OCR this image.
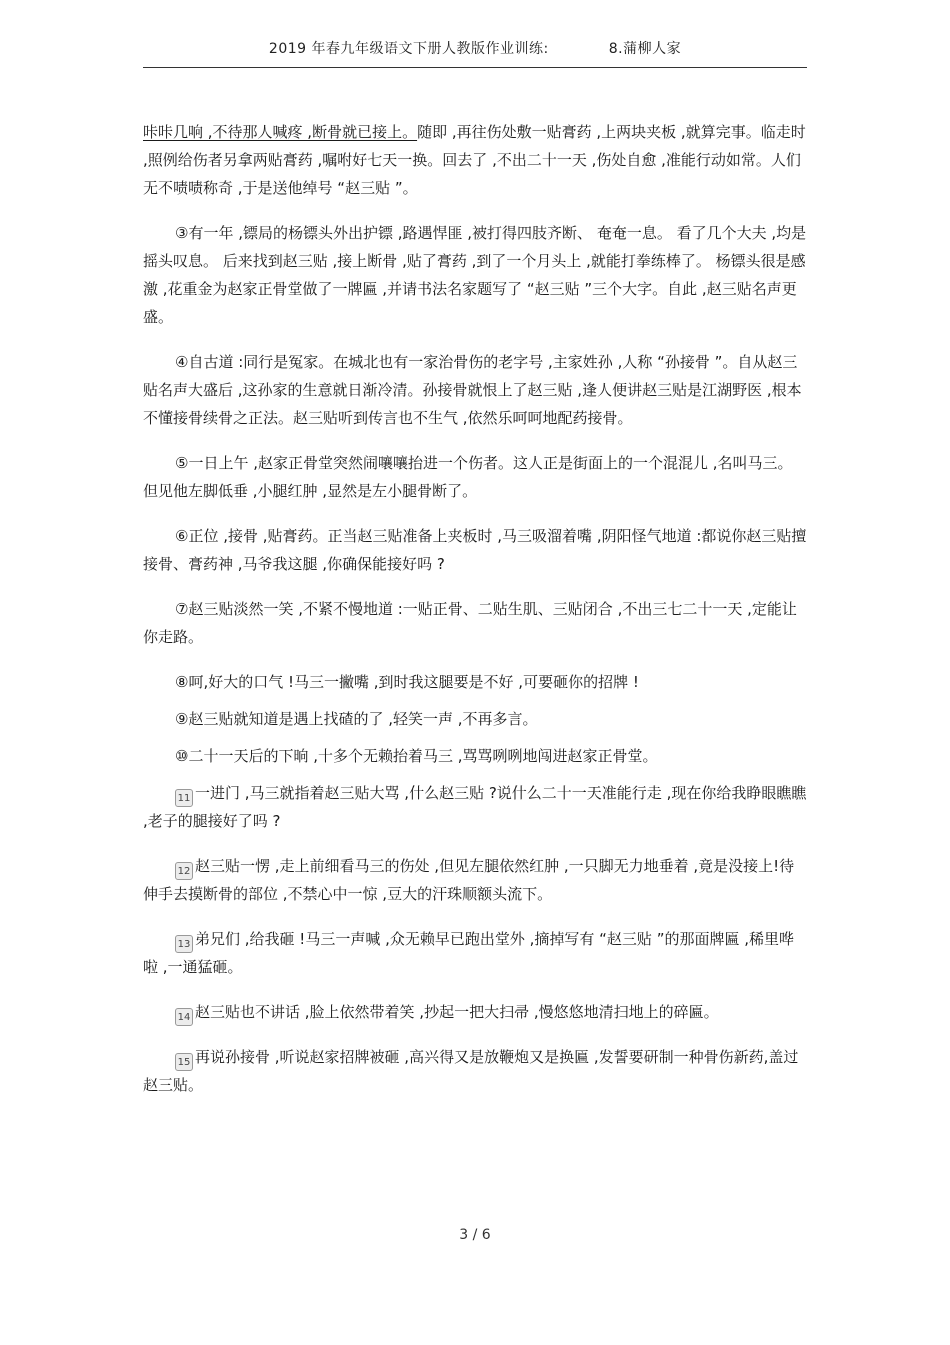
2019 年春九年级语文下册人教版作业训练:	8.蒲柳人家

咔咔几响 ,不待那人喊疼 ,断骨就已接上。随即 ,再往伤处敷一贴膏药 ,上两块夹板 ,就算完事。临走时 ,照例给伤者另拿两贴膏药 ,嘱咐好七天一换。回去了 ,不出二十一天 ,伤处自愈 ,准能行动如常。人们无不啧啧称奇 ,于是送他绰号 “赵三贴 ”。

③有一年 ,镖局的杨镖头外出护镖 ,路遇悍匪 ,被打得四肢齐断、 奄奄一息。 看了几个大夫 ,均是摇头叹息。 后来找到赵三贴 ,接上断骨 ,贴了膏药 ,到了一个月头上 ,就能打拳练棒了。 杨镖头很是感激 ,花重金为赵家正骨堂做了一牌匾 ,并请书法名家题写了 “赵三贴 ”三个大字。自此 ,赵三贴名声更盛。

④自古道 :同行是冤家。在城北也有一家治骨伤的老字号 ,主家姓孙 ,人称 “孙接骨 ”。自从赵三贴名声大盛后 ,这孙家的生意就日渐冷清。孙接骨就恨上了赵三贴 ,逢人便讲赵三贴是江湖野医 ,根本不懂接骨续骨之正法。赵三贴听到传言也不生气 ,依然乐呵呵地配药接骨。

⑤一日上午 ,赵家正骨堂突然闹嚷嚷抬进一个伤者。这人正是街面上的一个混混儿 ,名叫马三。但见他左脚低垂 ,小腿红肿 ,显然是左小腿骨断了。

⑥正位 ,接骨 ,贴膏药。正当赵三贴准备上夹板时 ,马三吸溜着嘴 ,阴阳怪气地道 :都说你赵三贴擅接骨、膏药神 ,马爷我这腿 ,你确保能接好吗 ?

⑦赵三贴淡然一笑 ,不紧不慢地道 :一贴正骨、二贴生肌、三贴闭合 ,不出三七二十一天 ,定能让你走路。

⑧呵,好大的口气 !马三一撇嘴 ,到时我这腿要是不好 ,可要砸你的招牌 !

⑨赵三贴就知道是遇上找碴的了 ,轻笑一声 ,不再多言。

⑩二十一天后的下晌 ,十多个无赖抬着马三 ,骂骂咧咧地闯进赵家正骨堂。

11 一进门 ,马三就指着赵三贴大骂 ,什么赵三贴 ?说什么二十一天准能行走 ,现在你给我睁眼瞧瞧 ,老子的腿接好了吗 ?

12 赵三贴一愣 ,走上前细看马三的伤处 ,但见左腿依然红肿 ,一只脚无力地垂着 ,竟是没接上!待伸手去摸断骨的部位 ,不禁心中一惊 ,豆大的汗珠顺额头流下。

13 弟兄们 ,给我砸 !马三一声喊 ,众无赖早已跑出堂外 ,摘掉写有 “赵三贴 ”的那面牌匾 ,稀里哗啦 ,一通猛砸。

14 赵三贴也不讲话 ,脸上依然带着笑 ,抄起一把大扫帚 ,慢悠悠地清扫地上的碎匾。

15 再说孙接骨 ,听说赵家招牌被砸 ,高兴得又是放鞭炮又是换匾 ,发誓要研制一种骨伤新药,盖过赵三贴。

3 / 6
